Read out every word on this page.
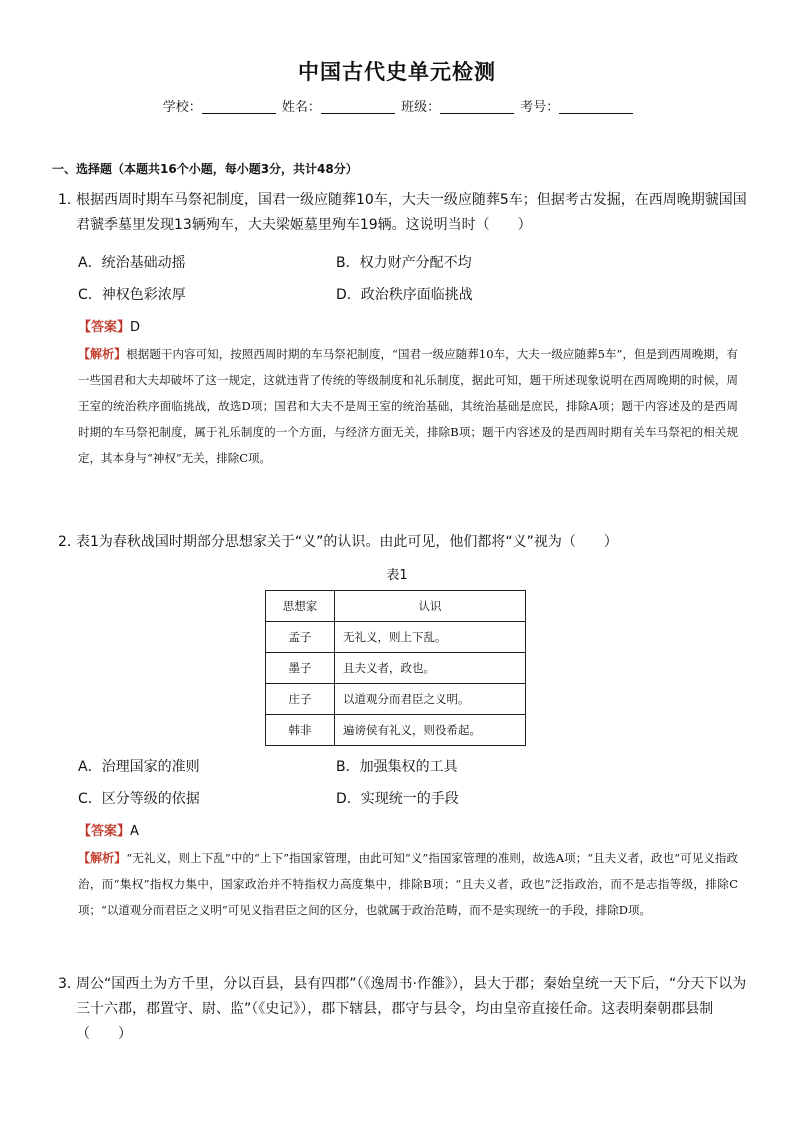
中国古代史单元检测
学校：	姓名：	班级：	考号：
一、选择题（本题共16个小题，每小题3分，共计48分）
1．
根据西周时期车马祭祀制度，国君一级应随葬10车，大夫一级应随葬5车；但据考古发掘，在西周晚期虢国国君虢季墓里发现13辆殉车，大夫梁姬墓里殉车19辆。这说明当时（　　）
A．统治基础动摇	B．权力财产分配不均
C．神权色彩浓厚	D．政治秩序面临挑战
【答案】D
【解析】根据题干内容可知，按照西周时期的车马祭祀制度，“国君一级应随葬10车，大夫一级应随葬5车”，但是到西周晚期，有一些国君和大夫却破坏了这一规定，这就违背了传统的等级制度和礼乐制度，据此可知，题干所述现象说明在西周晚期的时候，周王室的统治秩序面临挑战，故选D项；国君和大夫不是周王室的统治基础，其统治基础是庶民，排除A项；题干内容述及的是西周时期的车马祭祀制度，属于礼乐制度的一个方面，与经济方面无关，排除B项；题干内容述及的是西周时期有关车马祭祀的相关规定，其本身与“神权”无关，排除C项。
2．
表1为春秋战国时期部分思想家关于“义”的认识。由此可见，他们都将“义”视为（　　）
表1
思想家	认识
孟子	无礼义，则上下乱。
墨子	且夫义者，政也。
庄子	以道观分而君臣之义明。
韩非	遍谤侯有礼义，则役希起。
A．治理国家的准则	B．加强集权的工具
C．区分等级的依据	D．实现统一的手段
【答案】A
【解析】“无礼义，则上下乱”中的“上下”指国家管理，由此可知“义”指国家管理的准则，故选A项；“且夫义者，政也”可见义指政治，而“集权”指权力集中，国家政治并不特指权力高度集中，排除B项；“且夫义者，政也”泛指政治，而不是志指等级，排除C项；“以道观分而君臣之义明”可见义指君臣之间的区分，也就属于政治范畴，而不是实现统一的手段，排除D项。
3．
周公“国西土为方千里，分以百县，县有四郡”（《逸周书·作雒》），县大于郡；秦始皇统一天下后，“分天下以为三十六郡，郡置守、尉、监”（《史记》），郡下辖县，郡守与县令，均由皇帝直接任命。这表明秦朝郡县制（　　）
